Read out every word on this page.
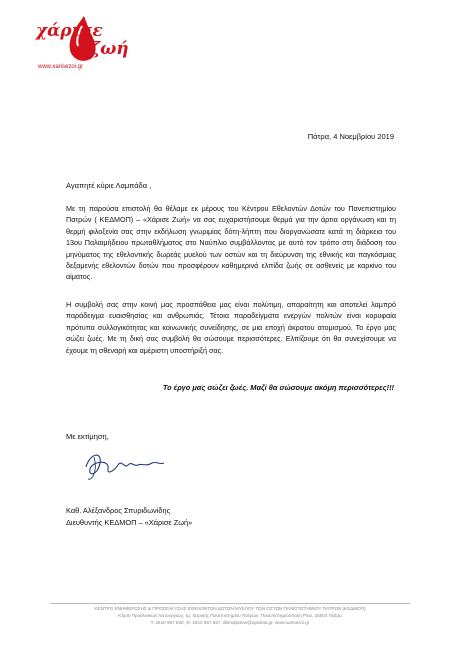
χάρισε
ζωή
www.xarisezoi.gr
Πάτρα, 4 Νοεμβρίου 2019
Αγαπητέ κύριε Λαμπάδα ,
Με τη παρούσα επιστολή θα θέλαμε εκ μέρους του Κέντρου Εθελοντών Δοτών του Πανεπιστημίου Πατρών ( ΚΕΔΜΟΠ) – «Χάρισε Ζωή» να σας ευχαριστήσουμε θερμά για την άρτια οργάνωση και τη θερμή φιλοξενία σας στην εκδήλωση γνωριμίας δότη-λήπτη που διοργανώσατε κατά τη διάρκεια του 13ου Παλαιμήδειου πρωταθλήματος στο Ναύπλιο συμβάλλοντας με αυτό τον τρόπο στη διάδοση του μηνύματος της εθελοντικής δωρεάς μυελού των οστών και τη διεύρυνση της εθνικής και παγκόσμιας δεξαμενής εθελοντών δοτών που προσφέρουν καθημερινά ελπίδα ζωής σε ασθενείς με καρκίνο του αίματος.
Η συμβολή σας στην κοινή μας προσπάθεια μας είναι πολύτιμη, απαραίτητη και αποτελεί λαμπρό παράδειγμα ευαισθησίας και ανθρωπιάς. Τέτοια παραδείγματα ενεργών πολιτών είναι κορυφαία πρότυπα συλλογικότητας και κοινωνικής συνείδησης, σε μια εποχή άκρατου ατομισμού. Το έργο μας σώζει ζωές. Με τη δική σας συμβολή θα σώσουμε περισσότερες. Ελπίζουμε ότι θα συνεχίσουμε να έχουμε τη σθεναρή και αμέριστη υποστήριξή σας.
Το έργο μας σώζει ζωές. Μαζί θα σώσουμε ακόμη περισσότερες!!!
Με εκτίμηση,
Καθ. Αλέξανδρος Σπυριδωνίδης
Διευθυντής ΚΕΔΜΟΠ – «Χάρισε Ζωή»
ΚΕΝΤΡΟ ΕΝΗΜΕΡΩΣΗΣ & ΠΡΟΣΕΛΚΥΣΗΣ ΕΘΕΛΟΝΤΩΝ ΔΟΤΩΝ ΜΥΕΛΟΥ ΤΩΝ ΟΣΤΩΝ ΠΑΝΕΠΙΣΤΗΜΙΟΥ ΠΑΤΡΩΝ (ΚΕΔΜΟΠ)
Κτίριο Προκλινικών Λειτουργιών, τμ. Ιατρικής Πανεπιστημίου Πατρών, Πανεπιστημιούπολη Ρίου, 26504 Πάτρα
Τ: 2610 997 530, Φ: 2610 997 667, dbmdpatras@upatras.gr, www.xarisezoi.gr
